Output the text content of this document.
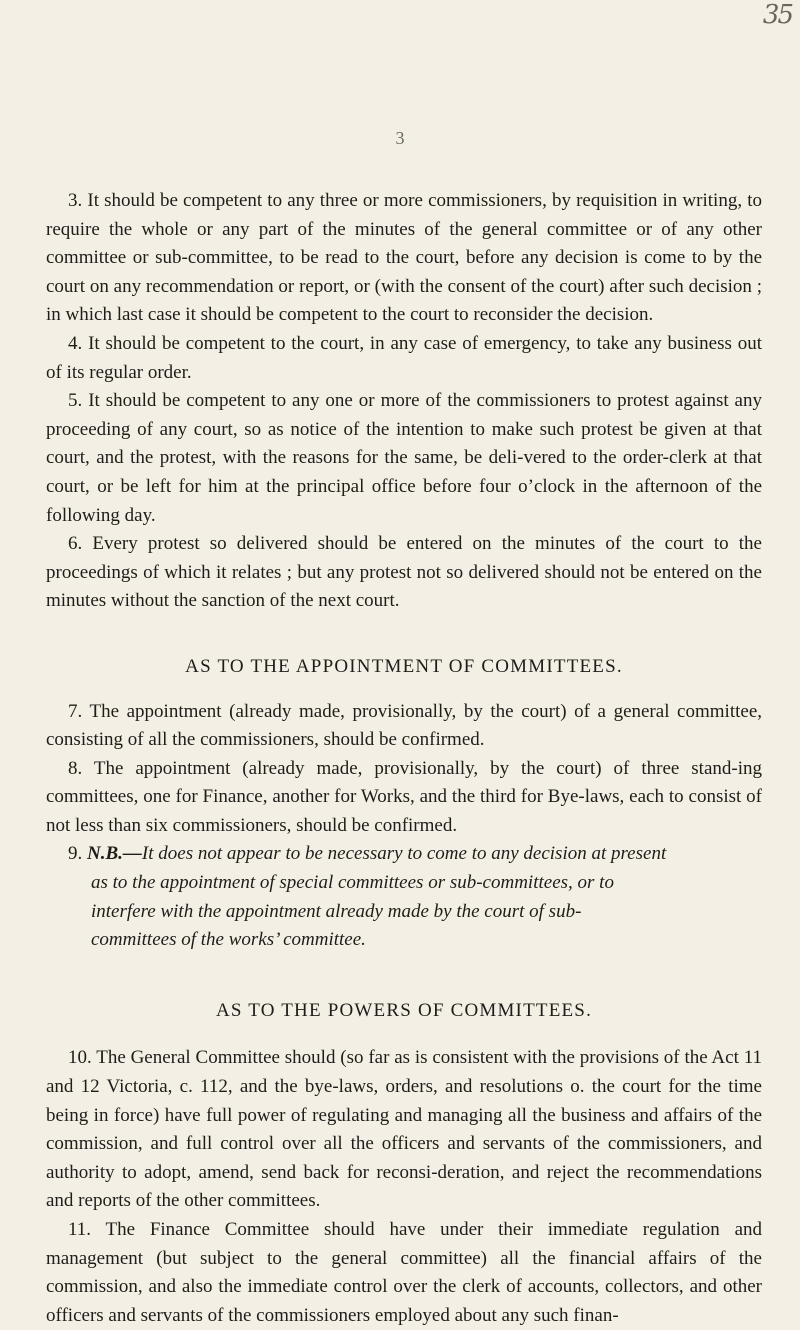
35
3

3. It should be competent to any three or more commissioners, by requisition in writing, to require the whole or any part of the minutes of the general committee or of any other committee or sub-committee, to be read to the court, before any decision is come to by the court on any recommendation or report, or (with the consent of the court) after such decision ; in which last case it should be competent to the court to reconsider the decision.

4. It should be competent to the court, in any case of emergency, to take any business out of its regular order.

5. It should be competent to any one or more of the commissioners to protest against any proceeding of any court, so as notice of the intention to make such protest be given at that court, and the protest, with the reasons for the same, be deli-vered to the order-clerk at that court, or be left for him at the principal office before four o’clock in the afternoon of the following day.

6. Every protest so delivered should be entered on the minutes of the court to the proceedings of which it relates ; but any protest not so delivered should not be entered on the minutes without the sanction of the next court.

AS TO THE APPOINTMENT OF COMMITTEES.

7. The appointment (already made, provisionally, by the court) of a general committee, consisting of all the commissioners, should be confirmed.

8. The appointment (already made, provisionally, by the court) of three stand-ing committees, one for Finance, another for Works, and the third for Bye-laws, each to consist of not less than six commissioners, should be confirmed.

9. N.B.—It does not appear to be necessary to come to any decision at present
as to the appointment of special committees or sub-committees, or to
interfere with the appointment already made by the court of sub-
committees of the works’ committee.

AS TO THE POWERS OF COMMITTEES.

10. The General Committee should (so far as is consistent with the provisions of the Act 11 and 12 Victoria, c. 112, and the bye-laws, orders, and resolutions o. the court for the time being in force) have full power of regulating and managing all the business and affairs of the commission, and full control over all the officers and servants of the commissioners, and authority to adopt, amend, send back for reconsi-deration, and reject the recommendations and reports of the other committees.

11. The Finance Committee should have under their immediate regulation and management (but subject to the general committee) all the financial affairs of the commission, and also the immediate control over the clerk of accounts, collectors, and other officers and servants of the commissioners employed about any such finan-
